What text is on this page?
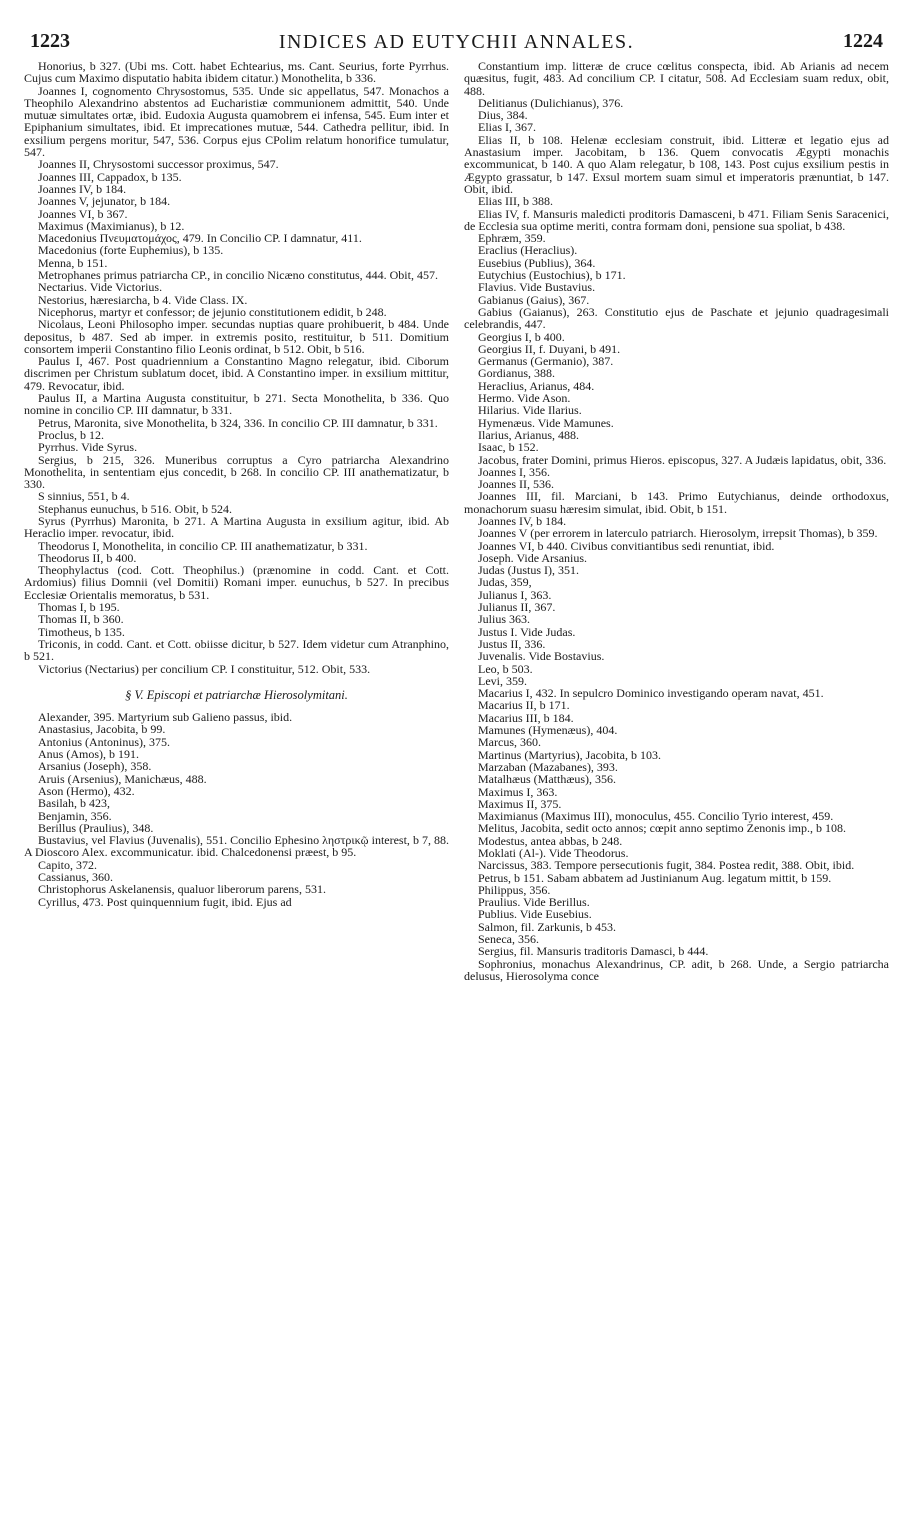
1223	INDICES AD EUTYCHII ANNALES.	1224

Honorius, b 327. (Ubi ms. Cott. habet Echtearius, ms. Cant. Seurius, forte Pyrrhus. Cujus cum Maximo disputatio habita ibidem citatur.) Monothelita, b 336.

Joannes I, cognomento Chrysostomus, 535. Unde sic appellatus, 547. Monachos a Theophilo Alexandrino abstentos ad Eucharistiæ communionem admittit, 540. Unde mutuæ simultates ortæ, ibid. Eudoxia Augusta quamobrem ei infensa, 545. Eum inter et Epiphanium simultates, ibid. Et imprecationes mutuæ, 544. Cathedra pellitur, ibid. In exsilium pergens moritur, 547, 536. Corpus ejus CPolim relatum honorifice tumulatur, 547.

Joannes II, Chrysostomi successor proximus, 547.

Joannes III, Cappadox, b 135.

Joannes IV, b 184.

Joannes V, jejunator, b 184.

Joannes VI, b 367.

Maximus (Maximianus), b 12.

Macedonius Πνευματομάχος, 479. In Concilio CP. I damnatur, 411.

Macedonius (forte Euphemius), b 135.

Menna, b 151.

Metrophanes primus patriarcha CP., in concilio Nicæno constitutus, 444. Obit, 457.

Nectarius. Vide Victorius.

Nestorius, hæresiarcha, b 4. Vide Class. IX.

Nicephorus, martyr et confessor; de jejunio constitutionem edidit, b 248.

Nicolaus, Leoni Philosopho imper. secundas nuptias quare prohibuerit, b 484. Unde depositus, b 487. Sed ab imper. in extremis posito, restituitur, b 511. Domitium consortem imperii Constantino filio Leonis ordinat, b 512. Obit, b 516.

Paulus I, 467. Post quadriennium a Constantino Magno relegatur, ibid. Ciborum discrimen per Christum sublatum docet, ibid. A Constantino imper. in exsilium mittitur, 479. Revocatur, ibid.

Paulus II, a Martina Augusta constituitur, b 271. Secta Monothelita, b 336. Quo nomine in concilio CP. III damnatur, b 331.

Petrus, Maronita, sive Monothelita, b 324, 336. In concilio CP. III damnatur, b 331.

Proclus, b 12.

Pyrrhus. Vide Syrus.

Sergius, b 215, 326. Muneribus corruptus a Cyro patriarcha Alexandrino Monothelita, in sententiam ejus concedit, b 268. In concilio CP. III anathematizatur, b 330.

S sinnius, 551, b 4.

Stephanus eunuchus, b 516. Obit, b 524.

Syrus (Pyrrhus) Maronita, b 271. A Martina Augusta in exsilium agitur, ibid. Ab Heraclio imper. revocatur, ibid.

Theodorus I, Monothelita, in concilio CP. III anathematizatur, b 331.

Theodorus II, b 400.

Theophylactus (cod. Cott. Theophilus.) (prænomine in codd. Cant. et Cott. Ardomius) filius Domnii (vel Domitii) Romani imper. eunuchus, b 527. In precibus Ecclesiæ Orientalis memoratus, b 531.

Thomas I, b 195.

Thomas II, b 360.

Timotheus, b 135.

Triconis, in codd. Cant. et Cott. obiisse dicitur, b 527. Idem videtur cum Atranphino, b 521.

Victorius (Nectarius) per concilium CP. I constituitur, 512. Obit, 533.

§ V. Episcopi et patriarchæ Hierosolymitani.

Alexander, 395. Martyrium sub Galieno passus, ibid.

Anastasius, Jacobita, b 99.

Antonius (Antoninus), 375.

Anus (Amos), b 191.

Arsanius (Joseph), 358.

Aruis (Arsenius), Manichæus, 488.

Ason (Hermo), 432.

Basilah, b 423,

Benjamin, 356.

Berillus (Praulius), 348.

Bustavius, vel Flavius (Juvenalis), 551. Concilio Ephesino ληστρικῷ interest, b 7, 88. A Dioscoro Alex. excommunicatur. ibid. Chalcedonensi præest, b 95.

Capito, 372.

Cassianus, 360.

Christophorus Askelanensis, qualuor liberorum parens, 531.

Cyrillus, 473. Post quinquennium fugit, ibid. Ejus ad

Constantium imp. litteræ de cruce cœlitus conspecta, ibid. Ab Arianis ad necem quæsitus, fugit, 483. Ad concilium CP. I citatur, 508. Ad Ecclesiam suam redux, obit, 488.

Delitianus (Dulichianus), 376.

Dius, 384.

Elias I, 367.

Elias II, b 108. Helenæ ecclesiam construit, ibid. Litteræ et legatio ejus ad Anastasium imper. Jacobitam, b 136. Quem convocatis Ægypti monachis excommunicat, b 140. A quo Alam relegatur, b 108, 143. Post cujus exsilium pestis in Ægypto grassatur, b 147. Exsul mortem suam simul et imperatoris prænuntiat, b 147. Obit, ibid.

Elias III, b 388.

Elias IV, f. Mansuris maledicti proditoris Damasceni, b 471. Filiam Senis Saracenici, de Ecclesia sua optime meriti, contra formam doni, pensione sua spoliat, b 438.

Ephræm, 359.

Eraclius (Heraclius).

Eusebius (Publius), 364.

Eutychius (Eustochius), b 171.

Flavius. Vide Bustavius.

Gabianus (Gaius), 367.

Gabius (Gaianus), 263. Constitutio ejus de Paschate et jejunio quadragesimali celebrandis, 447.

Georgius I, b 400.

Georgius II, f. Duyani, b 491.

Germanus (Germanio), 387.

Gordianus, 388.

Heraclius, Arianus, 484.

Hermo. Vide Ason.

Hilarius. Vide Ilarius.

Hymenæus. Vide Mamunes.

Ilarius, Arianus, 488.

Isaac, b 152.

Jacobus, frater Domini, primus Hieros. episcopus, 327. A Judæis lapidatus, obit, 336.

Joannes I, 356.

Joannes II, 536.

Joannes III, fil. Marciani, b 143. Primo Eutychianus, deinde orthodoxus, monachorum suasu hæresim simulat, ibid. Obit, b 151.

Joannes IV, b 184.

Joannes V (per errorem in laterculo patriarch. Hierosolym, irrepsit Thomas), b 359.

Joannes VI, b 440. Civibus convitiantibus sedi renuntiat, ibid.

Joseph. Vide Arsanius.

Judas (Justus I), 351.

Judas, 359,

Julianus I, 363.

Julianus II, 367.

Julius 363.

Justus I. Vide Judas.

Justus II, 336.

Juvenalis. Vide Bostavius.

Leo, b 503.

Levi, 359.

Macarius I, 432. In sepulcro Dominico investigando operam navat, 451.

Macarius II, b 171.

Macarius III, b 184.

Mamunes (Hymenæus), 404.

Marcus, 360.

Martinus (Martyrius), Jacobita, b 103.

Marzaban (Mazabanes), 393.

Matalhæus (Matthæus), 356.

Maximus I, 363.

Maximus II, 375.

Maximianus (Maximus III), monoculus, 455. Concilio Tyrio interest, 459.

Melitus, Jacobita, sedit octo annos; cœpit anno septimo Zenonis imp., b 108.

Modestus, antea abbas, b 248.

Moklati (Al-). Vide Theodorus.

Narcissus, 383. Tempore persecutionis fugit, 384. Postea redit, 388. Obit, ibid.

Petrus, b 151. Sabam abbatem ad Justinianum Aug. legatum mittit, b 159.

Philippus, 356.

Praulius. Vide Berillus.

Publius. Vide Eusebius.

Salmon, fil. Zarkunis, b 453.

Seneca, 356.

Sergius, fil. Mansuris traditoris Damasci, b 444.

Sophronius, monachus Alexandrinus, CP. adit, b 268. Unde, a Sergio patriarcha delusus, Hierosolyma conce
